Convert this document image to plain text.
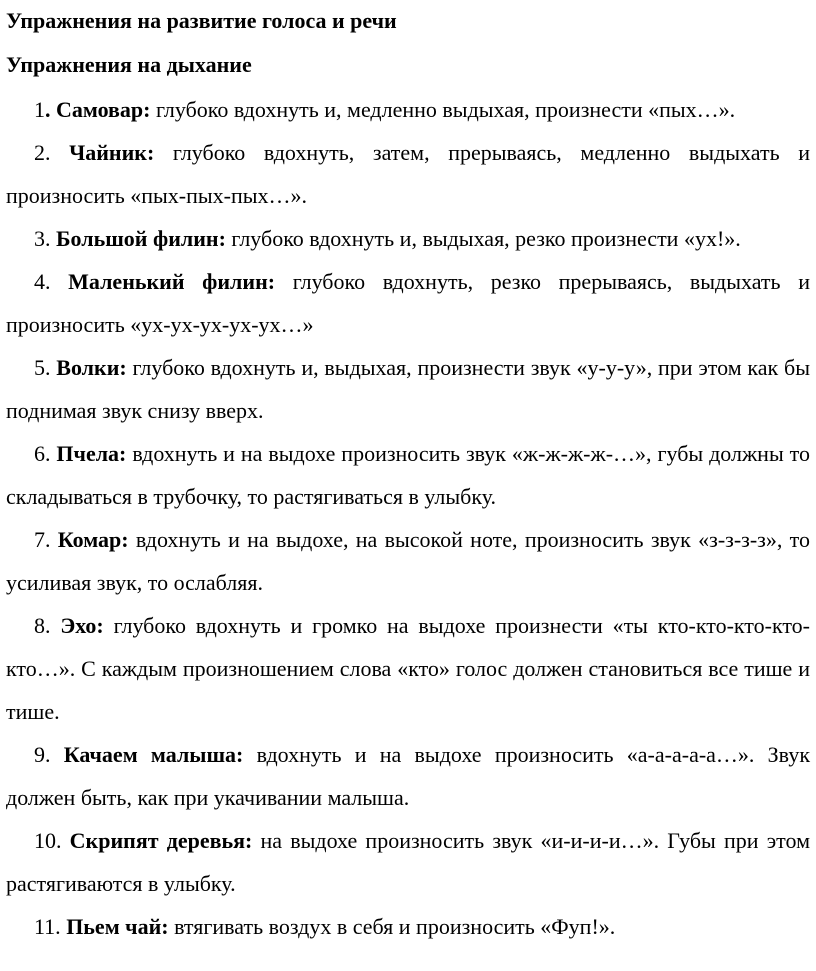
Упражнения на развитие голоса и речи

Упражнения на дыхание

1. Самовар: глубоко вдохнуть и, медленно выдыхая, произнести «пых…».

2. Чайник: глубоко вдохнуть, затем, прерываясь, медленно выдыхать и произносить «пых-пых-пых…».

3. Большой филин: глубоко вдохнуть и, выдыхая, резко произнести «ух!».

4. Маленький филин: глубоко вдохнуть, резко прерываясь, выдыхать и произносить «ух-ух-ух-ух-ух…»

5. Волки: глубоко вдохнуть и, выдыхая, произнести звук «у-у-у», при этом как бы поднимая звук снизу вверх.

6. Пчела: вдохнуть и на выдохе произносить звук «ж-ж-ж-ж-…», губы должны то складываться в трубочку, то растягиваться в улыбку.

7. Комар: вдохнуть и на выдохе, на высокой ноте, произносить звук «з-з-з-з», то усиливая звук, то ослабляя.

8. Эхо: глубоко вдохнуть и громко на выдохе произнести «ты кто-кто-кто-кто-кто…». С каждым произношением слова «кто» голос должен становиться все тише и тише.

9. Качаем малыша: вдохнуть и на выдохе произносить «а-а-а-а-а…». Звук должен быть, как при укачивании малыша.

10. Скрипят деревья: на выдохе произносить звук «и-и-и-и…». Губы при этом растягиваются в улыбку.

11. Пьем чай: втягивать воздух в себя и произносить «Фуп!».
